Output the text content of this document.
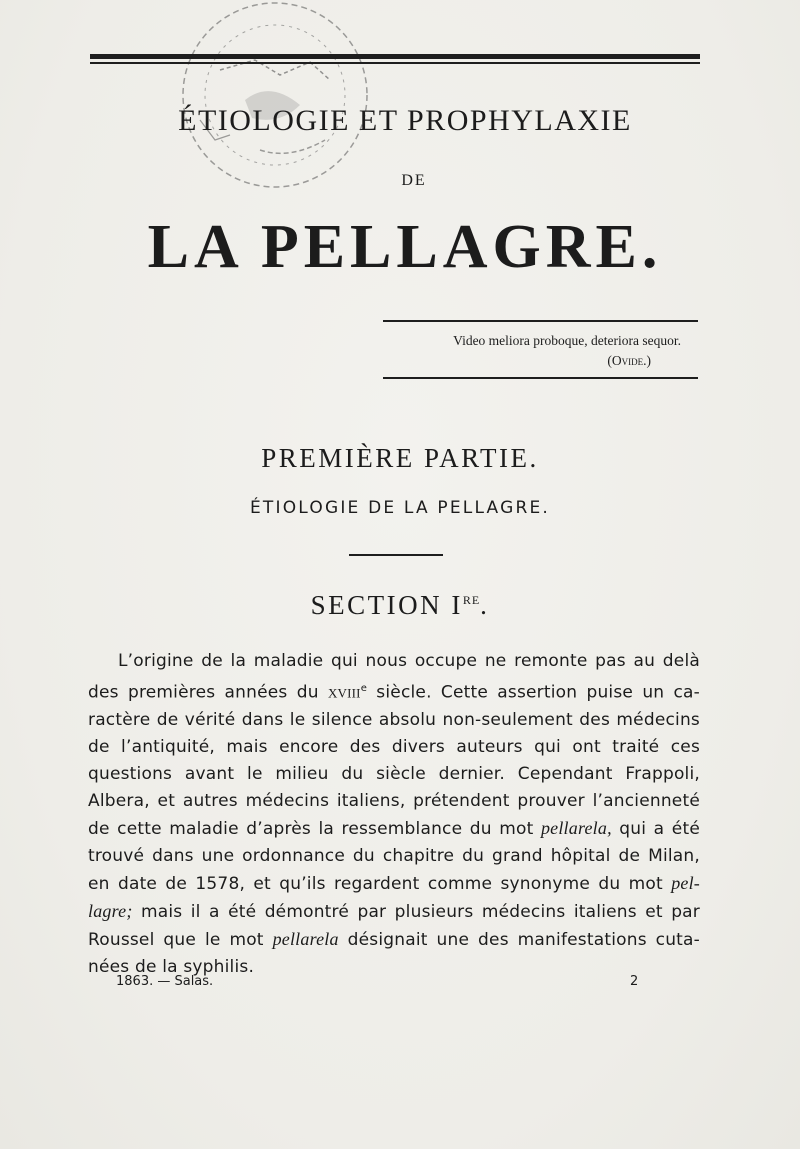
ÉTIOLOGIE ET PROPHYLAXIE
DE
LA PELLAGRE.
Video meliora proboque, deteriora sequor.
(Ovide.)
PREMIÈRE PARTIE.
ÉTIOLOGIE DE LA PELLAGRE.
SECTION IRE.
L’origine de la maladie qui nous occupe ne remonte pas au delà
des premières années du xviii$^e$ siècle. Cette assertion puise un ca-
ractère de vérité dans le silence absolu non-seulement des médecins
de l’antiquité, mais encore des divers auteurs qui ont traité ces
questions avant le milieu du siècle dernier. Cependant Frappoli,
Albera, et autres médecins italiens, prétendent prouver l’ancienneté
de cette maladie d’après la ressemblance du mot pellarela, qui a été
trouvé dans une ordonnance du chapitre du grand hôpital de Milan,
en date de 1578, et qu’ils regardent comme synonyme du mot pel-
lagre; mais il a été démontré par plusieurs médecins italiens et par
Roussel que le mot pellarela désignait une des manifestations cuta-
nées de la syphilis.
1863. — Salas.	2
